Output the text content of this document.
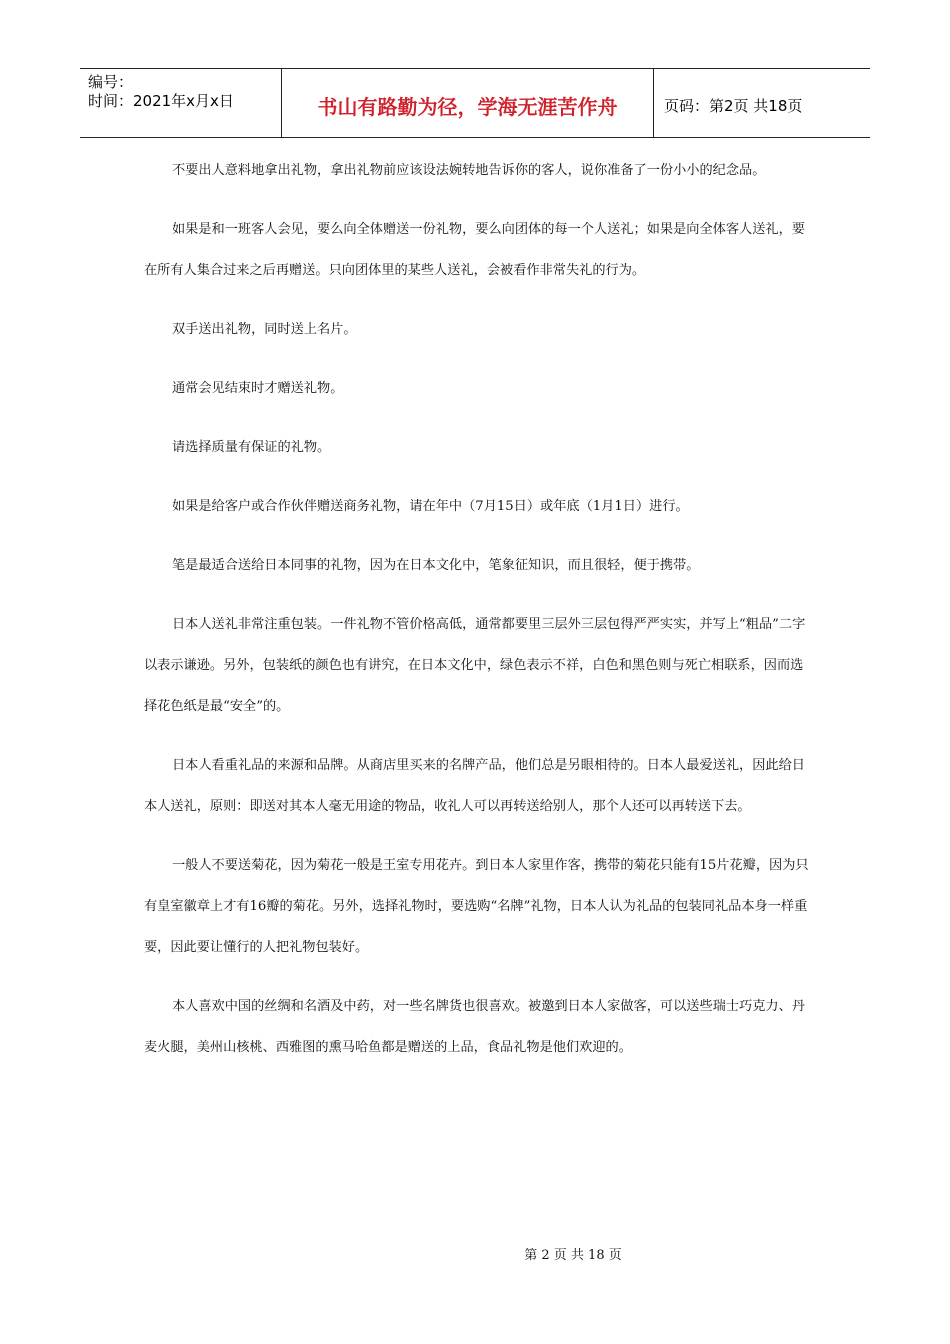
编号：
时间：2021年x月x日	书山有路勤为径，学海无涯苦作舟	页码：第2页 共18页

不要出人意料地拿出礼物，拿出礼物前应该设法婉转地告诉你的客人，说你准备了一份小小的纪念品。

如果是和一班客人会见，要么向全体赠送一份礼物，要么向团体的每一个人送礼；如果是向全体客人送礼，要在所有人集合过来之后再赠送。只向团体里的某些人送礼，会被看作非常失礼的行为。

双手送出礼物，同时送上名片。

通常会见结束时才赠送礼物。

请选择质量有保证的礼物。

如果是给客户或合作伙伴赠送商务礼物，请在年中（7月15日）或年底（1月1日）进行。

笔是最适合送给日本同事的礼物，因为在日本文化中，笔象征知识，而且很轻，便于携带。

日本人送礼非常注重包装。一件礼物不管价格高低，通常都要里三层外三层包得严严实实，并写上“粗品”二字以表示谦逊。另外，包装纸的颜色也有讲究，在日本文化中，绿色表示不祥，白色和黑色则与死亡相联系，因而选择花色纸是最“安全”的。

日本人看重礼品的来源和品牌。从商店里买来的名牌产品，他们总是另眼相待的。日本人最爱送礼，因此给日本人送礼，原则：即送对其本人毫无用途的物品，收礼人可以再转送给别人，那个人还可以再转送下去。

一般人不要送菊花，因为菊花一般是王室专用花卉。到日本人家里作客，携带的菊花只能有15片花瓣，因为只有皇室徽章上才有16瓣的菊花。另外，选择礼物时，要选购“名牌”礼物，日本人认为礼品的包装同礼品本身一样重要，因此要让懂行的人把礼物包装好。

本人喜欢中国的丝绸和名酒及中药，对一些名牌货也很喜欢。被邀到日本人家做客，可以送些瑞士巧克力、丹麦火腿，美州山核桃、西雅图的熏马哈鱼都是赠送的上品，食品礼物是他们欢迎的。

第 2 页 共 18 页
